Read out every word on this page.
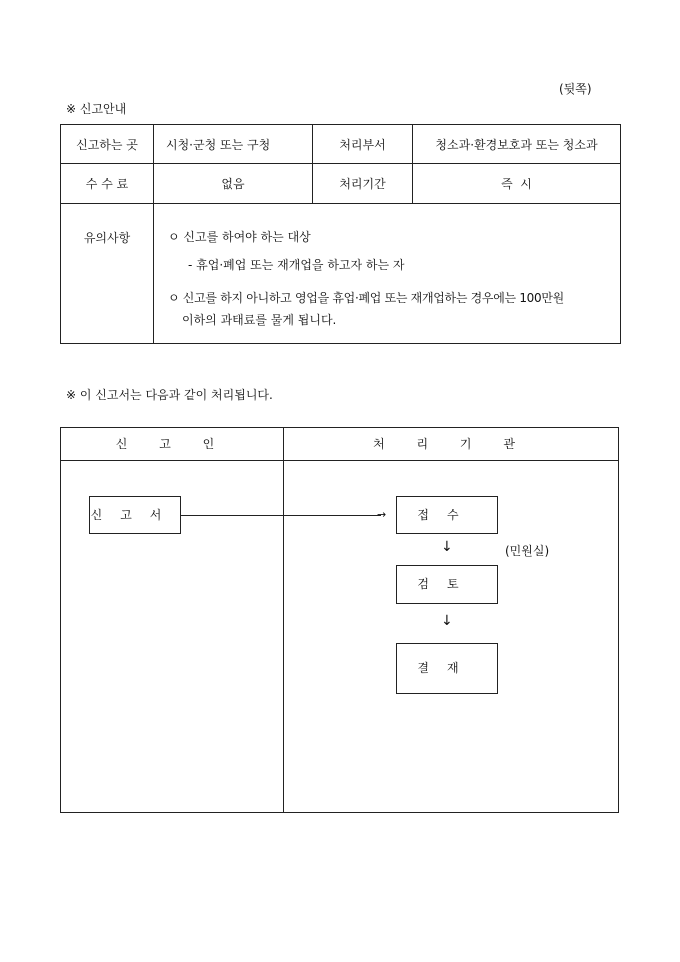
(뒷쪽)
※ 신고안내
신고하는 곳	시청·군청 또는 구청	처리부서	청소과·환경보호과 또는 청소과
수 수 료	없음	처리기간	즉  시
유의사항	ㅇ 신고를 하여야 하는 대상
- 휴업·폐업 또는 재개업을 하고자 하는 자
ㅇ 신고를 하지 아니하고 영업을 휴업·폐업 또는 재개업하는 경우에는 100만원
이하의 과태료를 물게 됩니다.		
※ 이 신고서는 다음과 같이 처리됩니다.
신 고 인	처 리 기 관
신고서	→	접수
↓	(민원실)
검토
↓
결재
